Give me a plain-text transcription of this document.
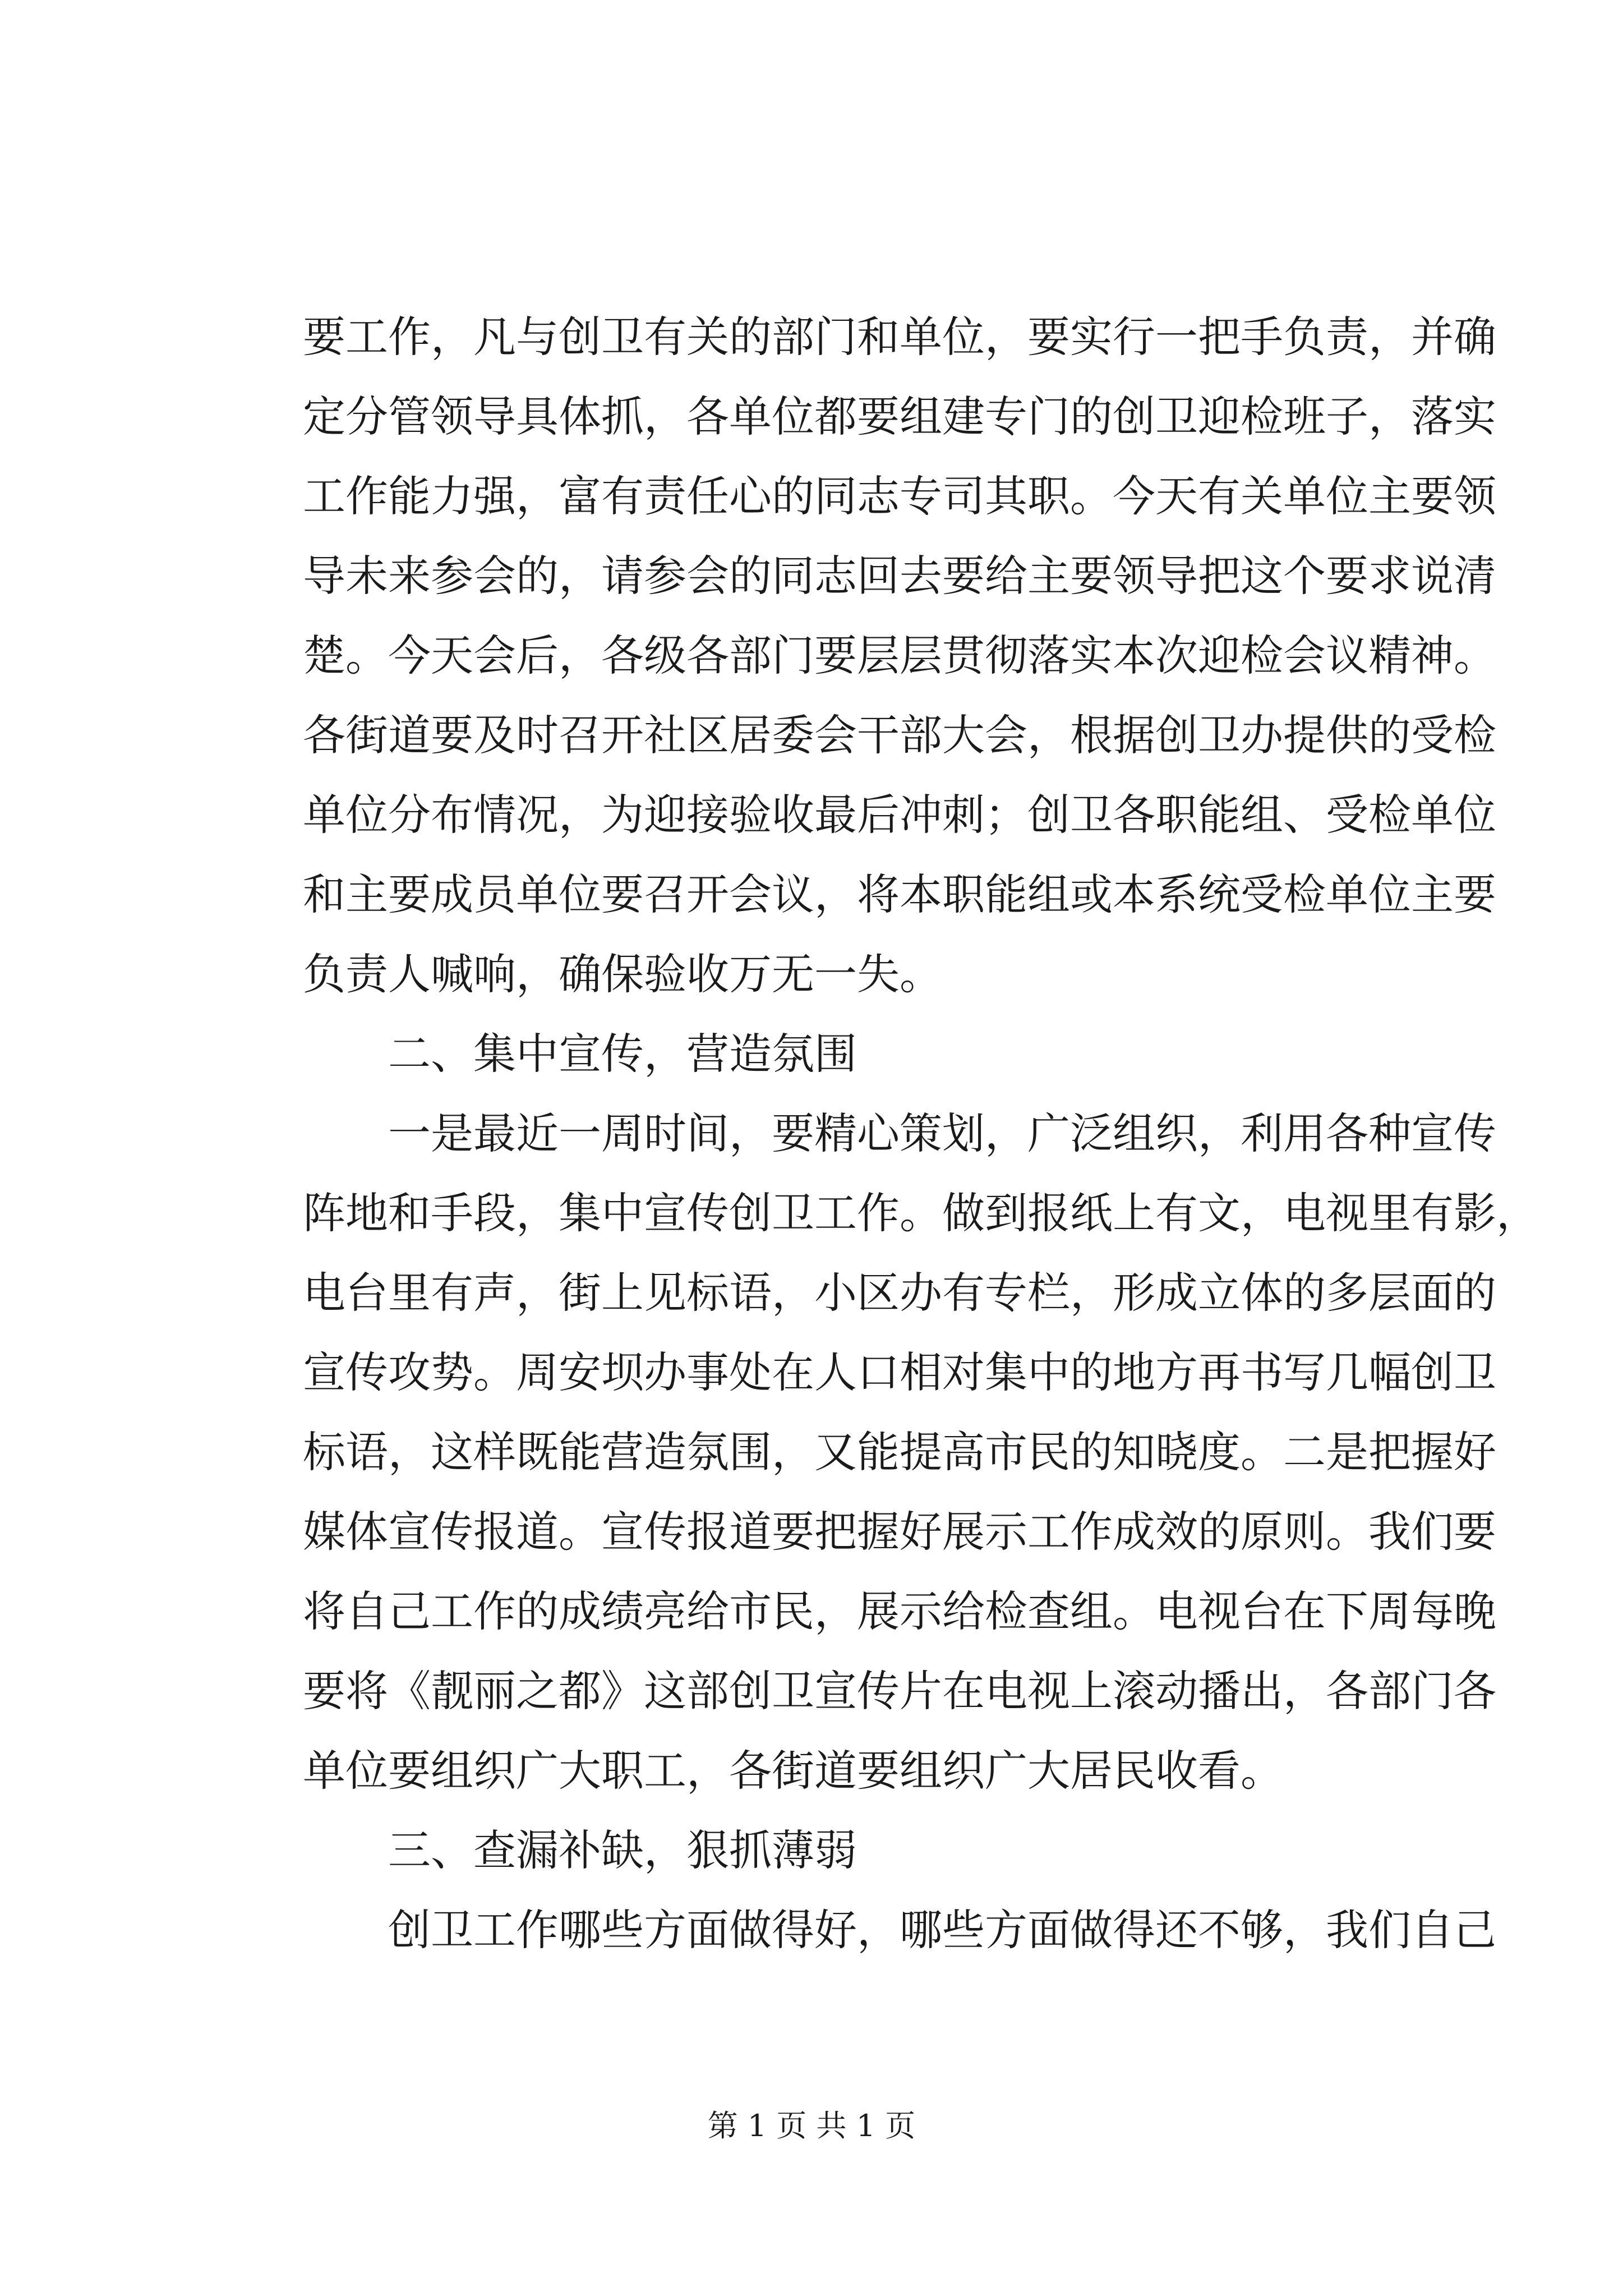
要工作，凡与创卫有关的部门和单位，要实行一把手负责，并确
定分管领导具体抓，各单位都要组建专门的创卫迎检班子，落实
工作能力强，富有责任心的同志专司其职。今天有关单位主要领
导未来参会的，请参会的同志回去要给主要领导把这个要求说清
楚。今天会后，各级各部门要层层贯彻落实本次迎检会议精神。
各街道要及时召开社区居委会干部大会，根据创卫办提供的受检
单位分布情况，为迎接验收最后冲刺；创卫各职能组、受检单位
和主要成员单位要召开会议，将本职能组或本系统受检单位主要
负责人喊响，确保验收万无一失。
二、集中宣传，营造氛围
一是最近一周时间，要精心策划，广泛组织，利用各种宣传
阵地和手段，集中宣传创卫工作。做到报纸上有文，电视里有影，
电台里有声，街上见标语，小区办有专栏，形成立体的多层面的
宣传攻势。周安坝办事处在人口相对集中的地方再书写几幅创卫
标语，这样既能营造氛围，又能提高市民的知晓度。二是把握好
媒体宣传报道。宣传报道要把握好展示工作成效的原则。我们要
将自己工作的成绩亮给市民，展示给检查组。电视台在下周每晚
要将《靓丽之都》这部创卫宣传片在电视上滚动播出，各部门各
单位要组织广大职工，各街道要组织广大居民收看。
三、查漏补缺，狠抓薄弱
创卫工作哪些方面做得好，哪些方面做得还不够，我们自己
第 1 页 共 1 页
